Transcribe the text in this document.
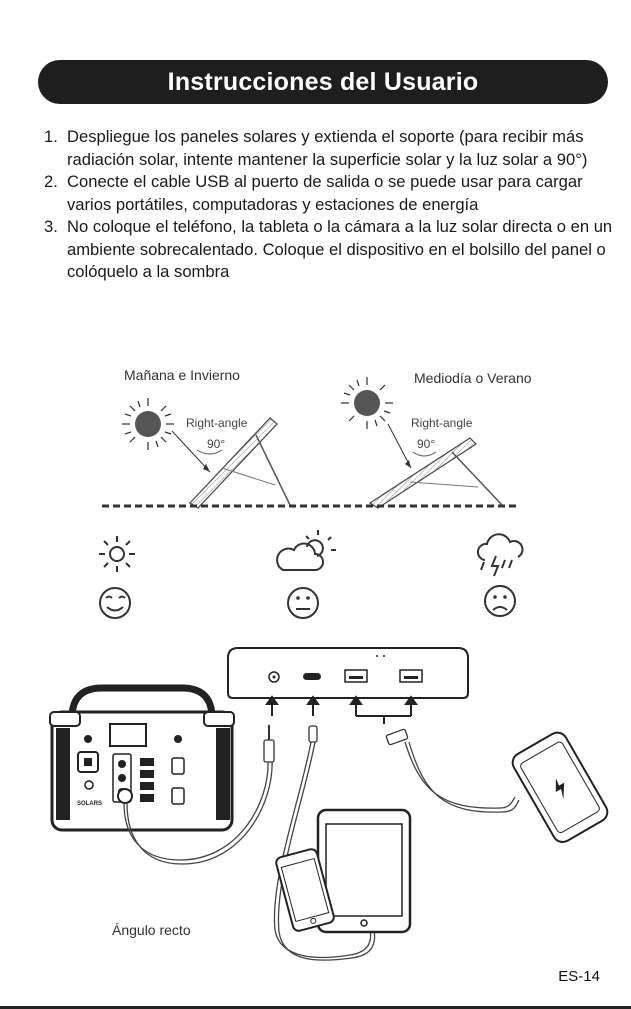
Instrucciones del Usuario
1. Despliegue los paneles solares y extienda el soporte (para recibir más radiación solar, intente mantener la superficie solar y la luz solar a 90°)
2. Conecte el cable USB al puerto de salida o se puede usar para cargar varios portátiles, computadoras y estaciones de energía
3. No coloque el teléfono, la tableta o la cámara a la luz solar directa o en un ambiente sobrecalentado. Coloque el dispositivo en el bolsillo del panel o colóquelo a la sombra
Mañana e Invierno	Mediodía o Verano
Right-angle	Right-angle
90°	90°
SOLARS
Ángulo recto
ES-14
